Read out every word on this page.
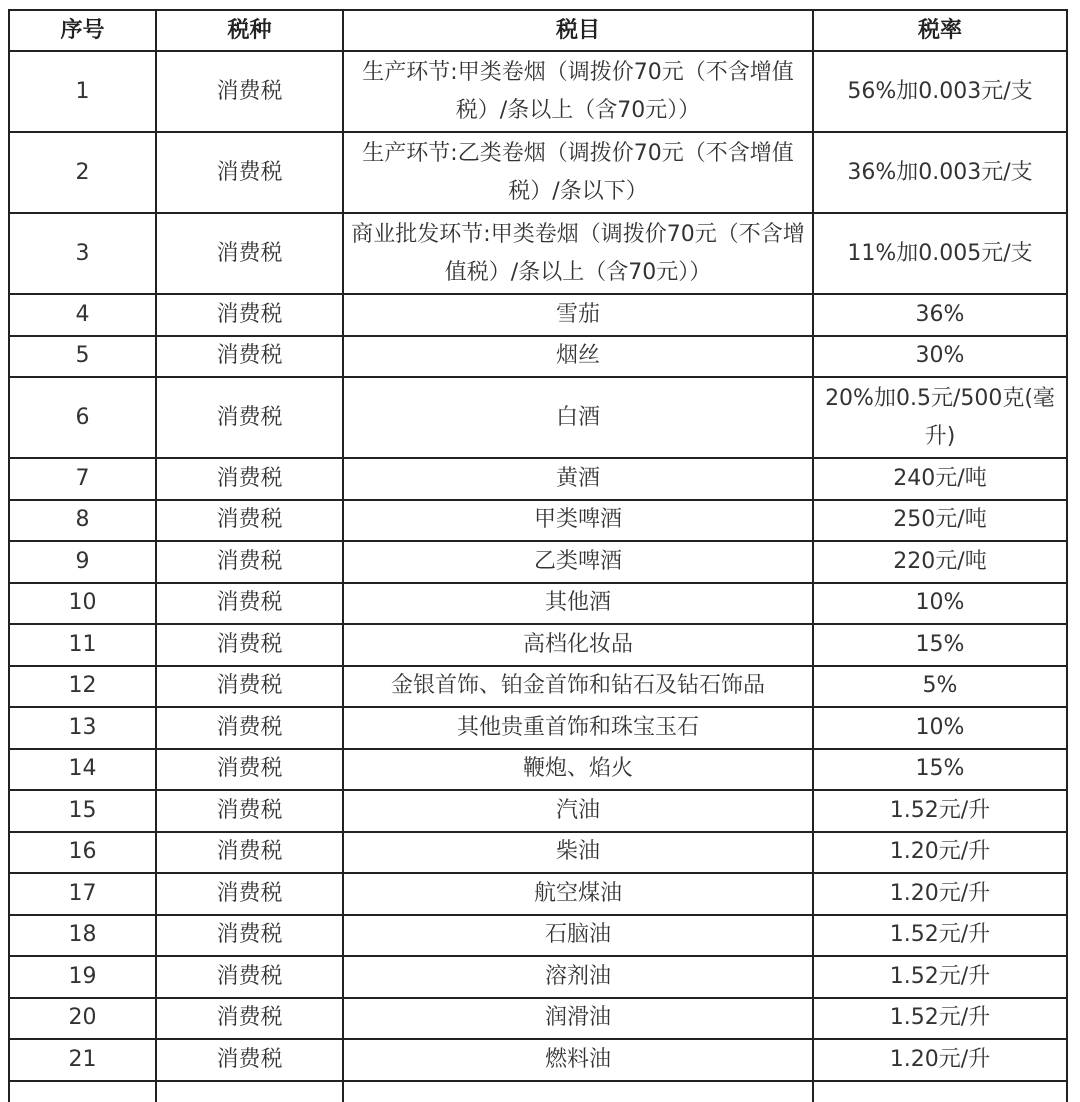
序号	税种	税目	税率
1	消费税	生产环节:甲类卷烟（调拨价70元（不含增值税）/条以上（含70元））	56%加0.003元/支
2	消费税	生产环节:乙类卷烟（调拨价70元（不含增值税）/条以下）	36%加0.003元/支
3	消费税	商业批发环节:甲类卷烟（调拨价70元（不含增值税）/条以上（含70元））	11%加0.005元/支
4	消费税	雪茄	36%
5	消费税	烟丝	30%
6	消费税	白酒	20%加0.5元/500克(毫升)
7	消费税	黄酒	240元/吨
8	消费税	甲类啤酒	250元/吨
9	消费税	乙类啤酒	220元/吨
10	消费税	其他酒	10%
11	消费税	高档化妆品	15%
12	消费税	金银首饰、铂金首饰和钻石及钻石饰品	5%
13	消费税	其他贵重首饰和珠宝玉石	10%
14	消费税	鞭炮、焰火	15%
15	消费税	汽油	1.52元/升
16	消费税	柴油	1.20元/升
17	消费税	航空煤油	1.20元/升
18	消费税	石脑油	1.52元/升
19	消费税	溶剂油	1.52元/升
20	消费税	润滑油	1.52元/升
21	消费税	燃料油	1.20元/升
